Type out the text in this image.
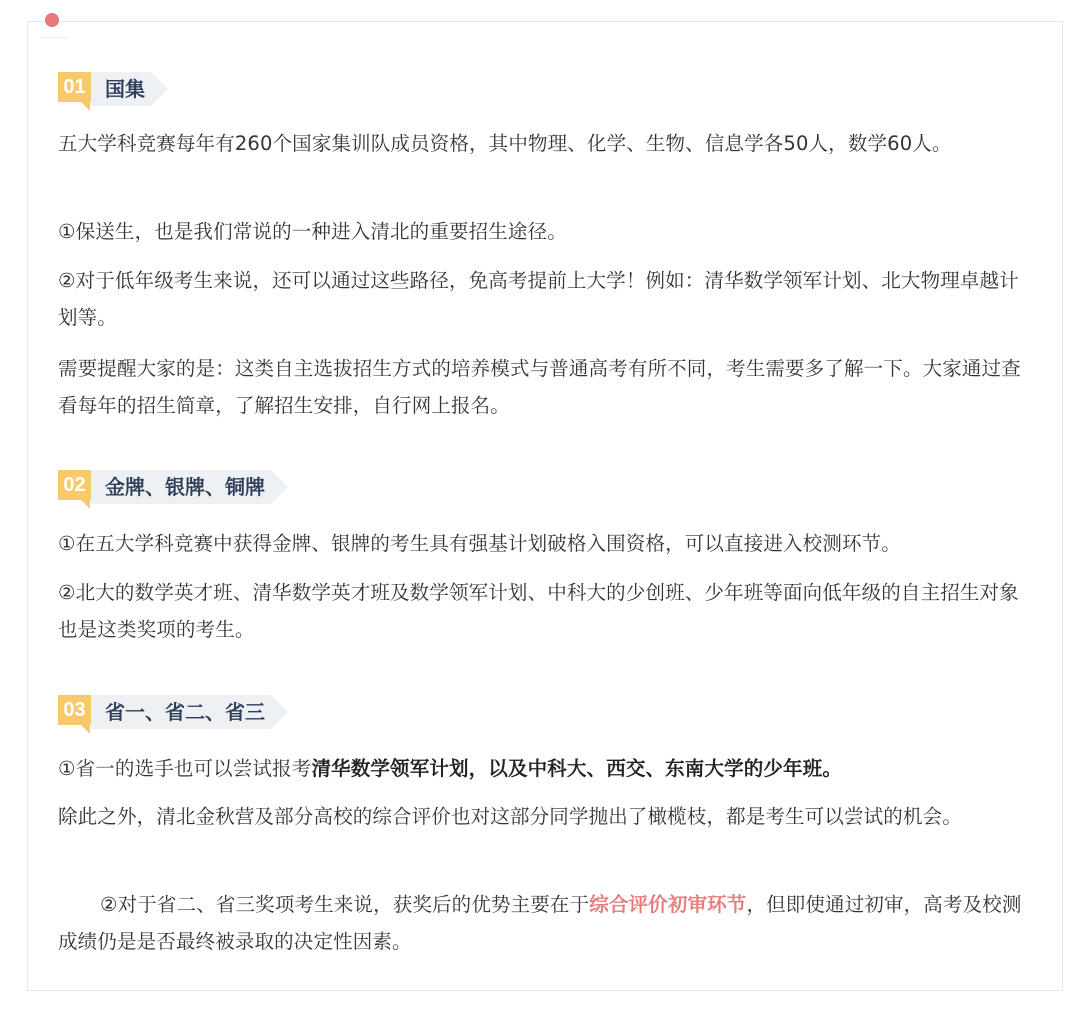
01 国集

五大学科竞赛每年有260个国家集训队成员资格，其中物理、化学、生物、信息学各50人，数学60人。

①保送生，也是我们常说的一种进入清北的重要招生途径。

②对于低年级考生来说，还可以通过这些路径，免高考提前上大学！例如：清华数学领军计划、北大物理卓越计划等。

需要提醒大家的是：这类自主选拔招生方式的培养模式与普通高考有所不同，考生需要多了解一下。大家通过查看每年的招生简章，了解招生安排，自行网上报名。

02 金牌、银牌、铜牌

①在五大学科竞赛中获得金牌、银牌的考生具有强基计划破格入围资格，可以直接进入校测环节。

②北大的数学英才班、清华数学英才班及数学领军计划、中科大的少创班、少年班等面向低年级的自主招生对象也是这类奖项的考生。

03 省一、省二、省三

①省一的选手也可以尝试报考清华数学领军计划，以及中科大、西交、东南大学的少年班。

除此之外，清北金秋营及部分高校的综合评价也对这部分同学抛出了橄榄枝，都是考生可以尝试的机会。

②对于省二、省三奖项考生来说，获奖后的优势主要在于综合评价初审环节，但即使通过初审，高考及校测成绩仍是是否最终被录取的决定性因素。
